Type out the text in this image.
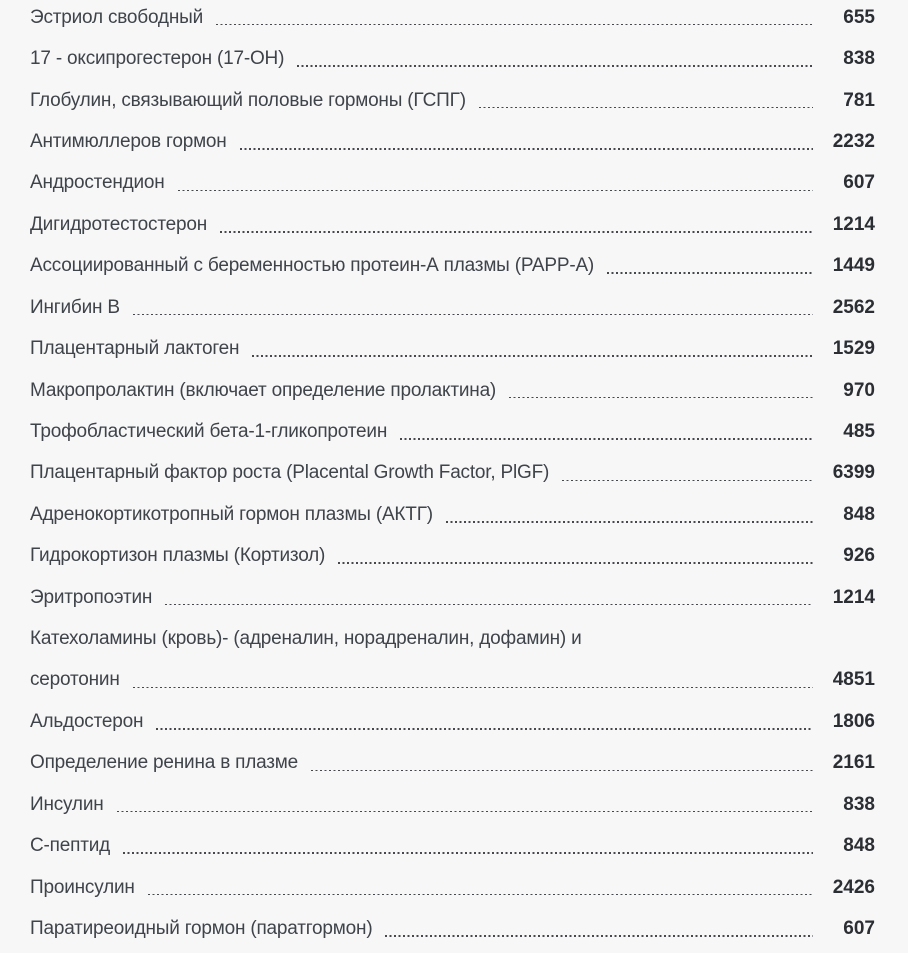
Эстриол свободный	655
17 - оксипрогестерон (17-ОН)	838
Глобулин, связывающий половые гормоны (ГСПГ)	781
Антимюллеров гормон	2232
Андростендион	607
Дигидротестостерон	1214
Ассоциированный с беременностью протеин-А плазмы (PAPP-A)	1449
Ингибин В	2562
Плацентарный лактоген	1529
Макропролактин (включает определение пролактина)	970
Трофобластический бета-1-гликопротеин	485
Плацентарный фактор роста (Placental Growth Factor, PlGF)	6399
Адренокортикотропный гормон плазмы (АКТГ)	848
Гидрокортизон плазмы (Кортизол)	926
Эритропоэтин	1214
Катехоламины (кровь)- (адреналин, норадреналин, дофамин) и
серотонин	4851
Альдостерон	1806
Определение ренина в плазме	2161
Инсулин	838
С-пептид	848
Проинсулин	2426
Паратиреоидный гормон (паратгормон)	607
